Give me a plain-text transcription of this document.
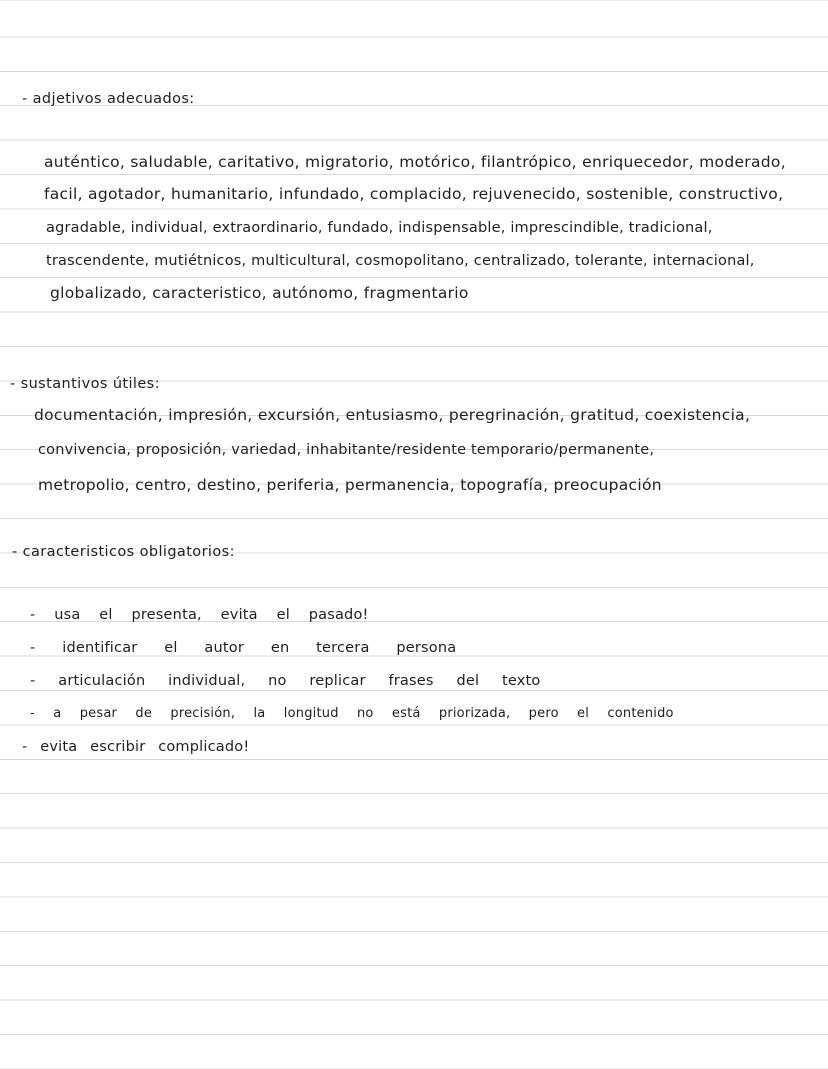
- adjetivos adecuados:
auténtico, saludable, caritativo, migratorio, motórico, filantrópico, enriquecedor, moderado,
facil, agotador, humanitario, infundado, complacido, rejuvenecido, sostenible, constructivo,
agradable, individual, extraordinario, fundado, indispensable, imprescindible, tradicional,
trascendente, mutiétnicos, multicultural, cosmopolitano, centralizado, tolerante, internacional,
globalizado, caracteristico, autónomo, fragmentario
- sustantivos útiles:
documentación, impresión, excursión, entusiasmo, peregrinación, gratitud, coexistencia,
convivencia, proposición, variedad, inhabitante/residente temporario/permanente,
metropolio, centro, destino, periferia, permanencia, topografía, preocupación
- caracteristicos obligatorios:
- usa el presenta, evita el pasado!
- identificar el autor en tercera persona
- articulación individual, no replicar frases del texto
- a pesar de precisión, la longitud no está priorizada, pero el contenido
- evita escribir complicado!
